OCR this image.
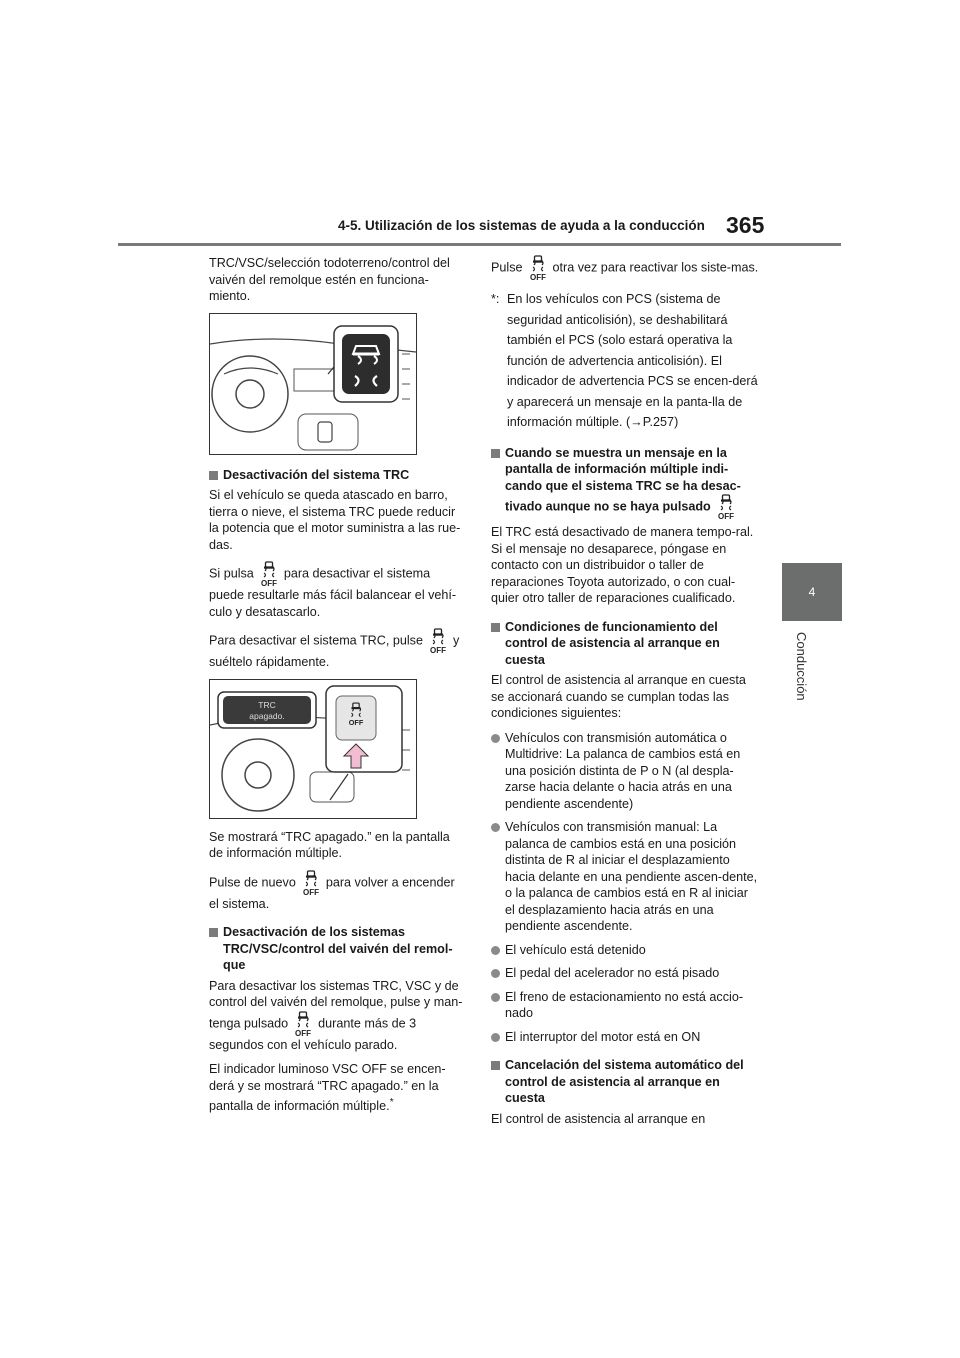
4-5. Utilización de los sistemas de ayuda a la conducción 365
4
Conducción

TRC/VSC/selección todoterreno/control del vaivén del remolque estén en funciona-miento.

Desactivación del sistema TRC

Si el vehículo se queda atascado en barro, tierra o nieve, el sistema TRC puede reducir la potencia que el motor suministra a las rue-das.

Si pulsa para desactivar el sistema puede resultarle más fácil balancear el vehí-culo y desatascarlo.

Para desactivar el sistema TRC, pulse y suéltelo rápidamente.

TRC
apagado.

Se mostrará “TRC apagado.” en la pantalla de información múltiple.

Pulse de nuevo para volver a encender el sistema.

Desactivación de los sistemas TRC/VSC/control del vaivén del remol-que

Para desactivar los sistemas TRC, VSC y de control del vaivén del remolque, pulse y man-tenga pulsado durante más de 3 segundos con el vehículo parado.

El indicador luminoso VSC OFF se encen-derá y se mostrará “TRC apagado.” en la pantalla de información múltiple.*

Pulse otra vez para reactivar los siste-mas.

*: En los vehículos con PCS (sistema de seguridad anticolisión), se deshabilitará también el PCS (solo estará operativa la función de advertencia anticolisión). El indicador de advertencia PCS se encen-derá y aparecerá un mensaje en la panta-lla de información múltiple. (→P.257)
Cuando se muestra un mensaje en la pantalla de información múltiple indi-cando que el sistema TRC se ha desac-tivado aunque no se haya pulsado

El TRC está desactivado de manera tempo-ral. Si el mensaje no desaparece, póngase en contacto con un distribuidor o taller de reparaciones Toyota autorizado, o con cual-quier otro taller de reparaciones cualificado.

Condiciones de funcionamiento del control de asistencia al arranque en cuesta

El control de asistencia al arranque en cuesta se accionará cuando se cumplan todas las condiciones siguientes:

Vehículos con transmisión automática o Multidrive: La palanca de cambios está en una posición distinta de P o N (al despla-zarse hacia delante o hacia atrás en una pendiente ascendente)
Vehículos con transmisión manual: La palanca de cambios está en una posición distinta de R al iniciar el desplazamiento hacia delante en una pendiente ascen-dente, o la palanca de cambios está en R al iniciar el desplazamiento hacia atrás en una pendiente ascendente.
El vehículo está detenido
El pedal del acelerador no está pisado
El freno de estacionamiento no está accio-nado
El interruptor del motor está en ON
Cancelación del sistema automático del control de asistencia al arranque en cuesta

El control de asistencia al arranque en
